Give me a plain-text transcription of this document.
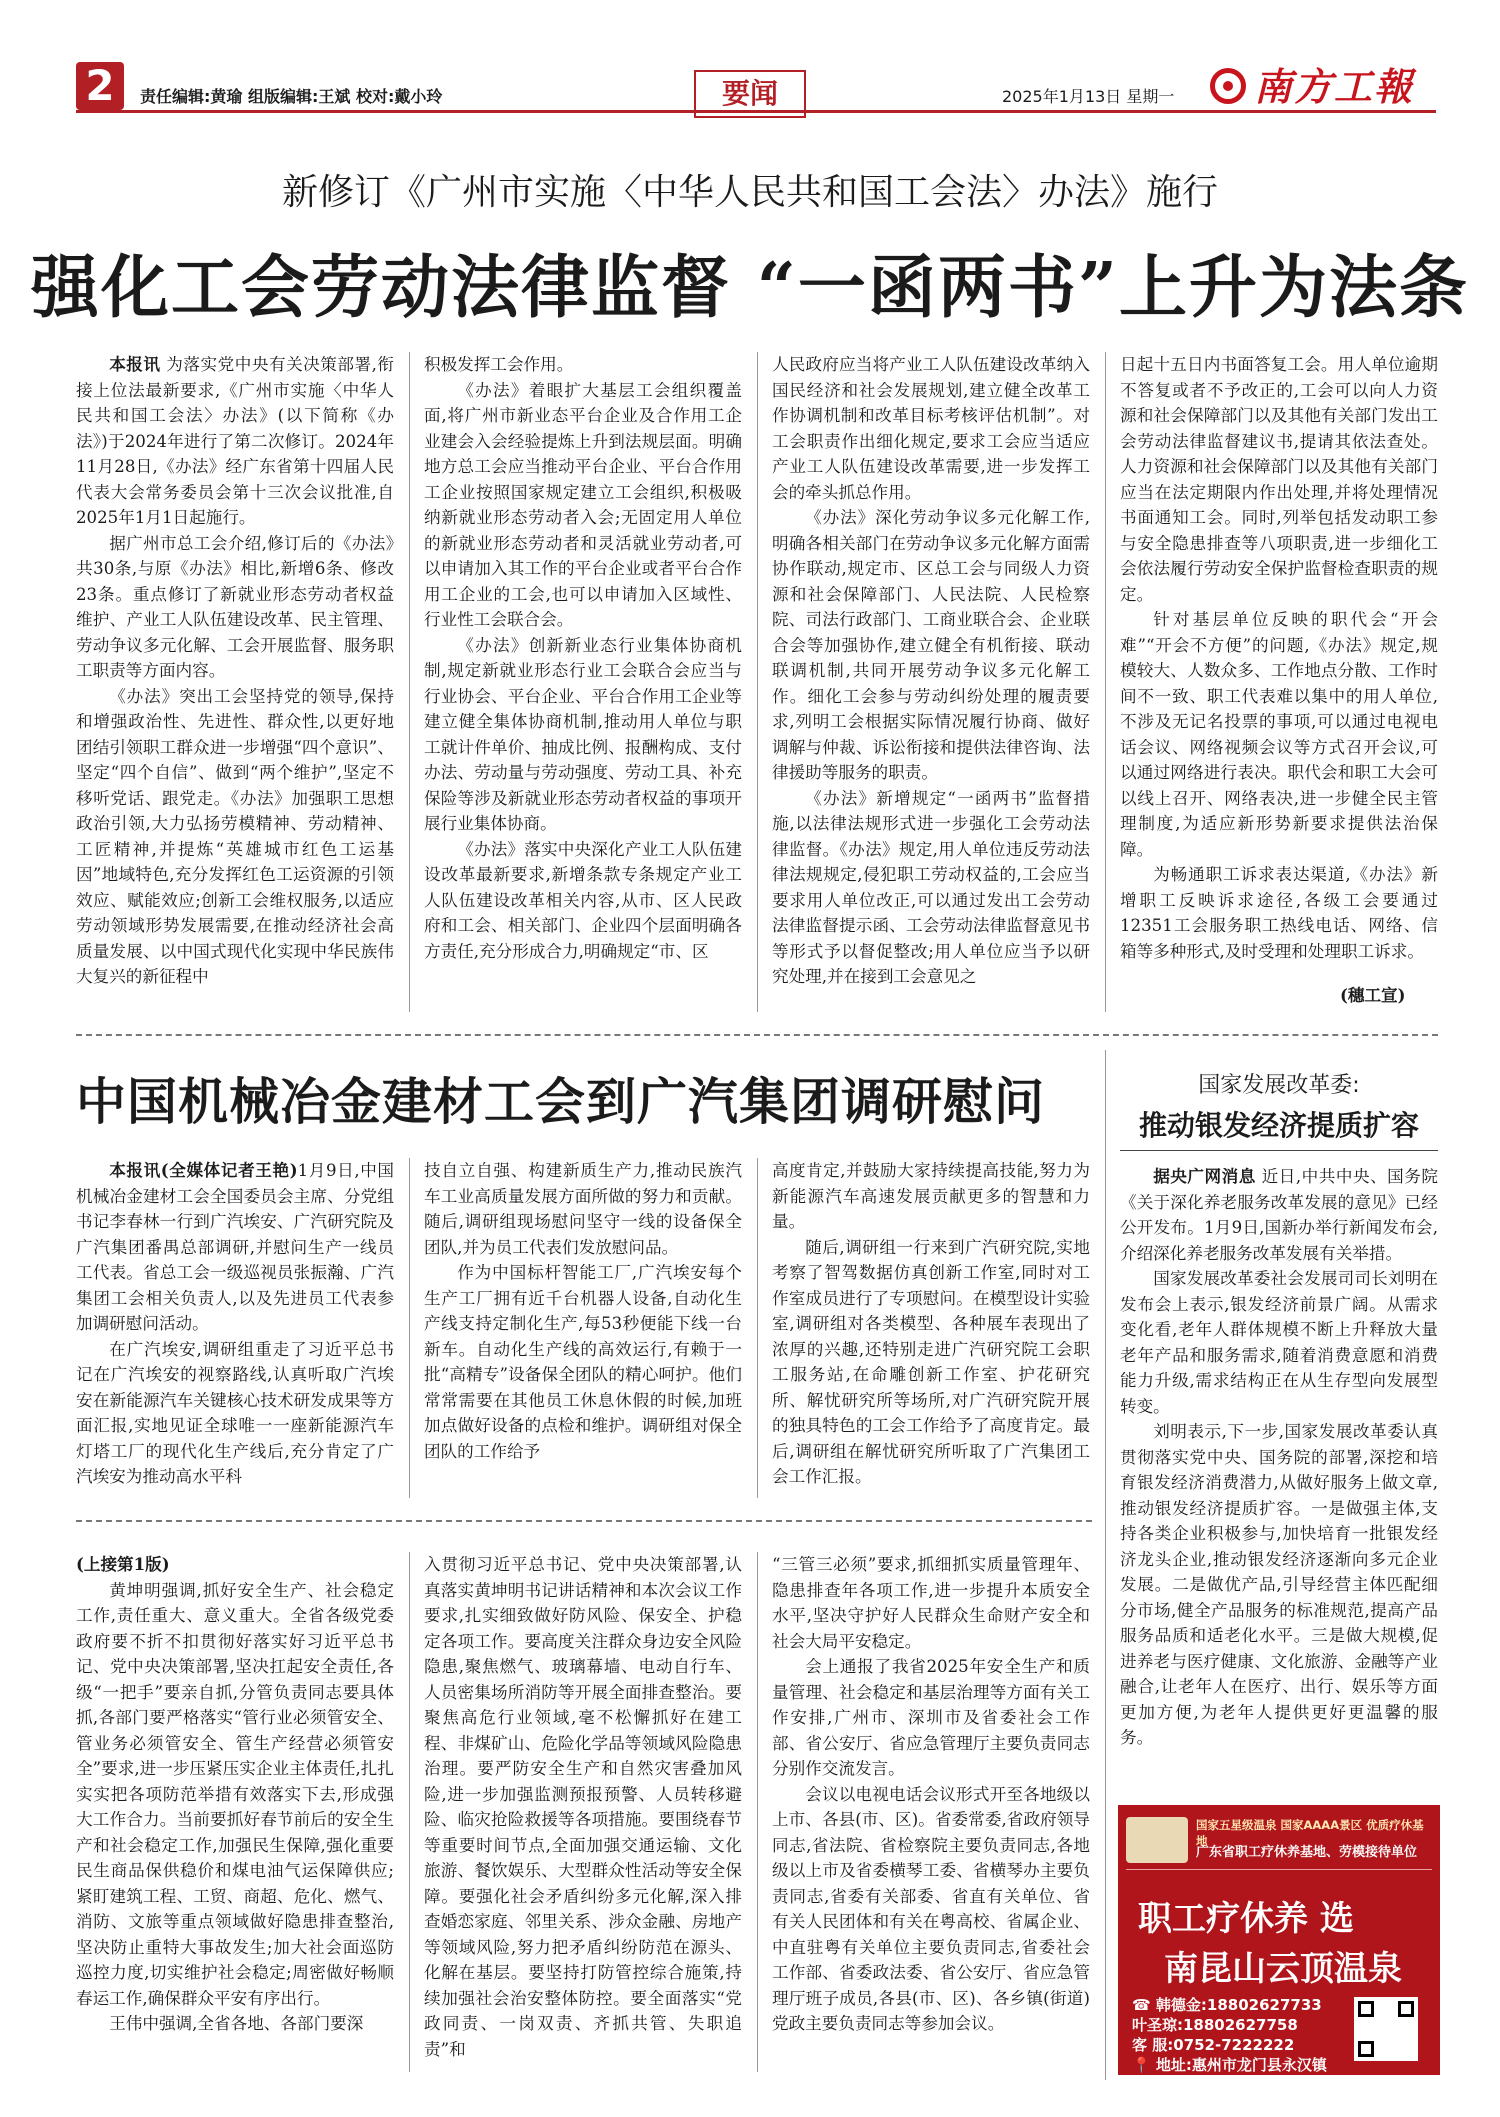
2	责任编辑:黄瑜 组版编辑:王斌 校对:戴小玲	要闻	2025年1月13日 星期一 南方工報
新修订《广州市实施〈中华人民共和国工会法〉办法》施行
强化工会劳动法律监督 “一函两书”上升为法条

本报讯 为落实党中央有关决策部署,衔接上位法最新要求,《广州市实施〈中华人民共和国工会法〉办法》(以下简称《办法》)于2024年进行了第二次修订。2024年11月28日,《办法》经广东省第十四届人民代表大会常务委员会第十三次会议批准,自2025年1月1日起施行。

据广州市总工会介绍,修订后的《办法》共30条,与原《办法》相比,新增6条、修改23条。重点修订了新就业形态劳动者权益维护、产业工人队伍建设改革、民主管理、劳动争议多元化解、工会开展监督、服务职工职责等方面内容。

《办法》突出工会坚持党的领导,保持和增强政治性、先进性、群众性,以更好地团结引领职工群众进一步增强“四个意识”、坚定“四个自信”、做到“两个维护”,坚定不移听党话、跟党走。《办法》加强职工思想政治引领,大力弘扬劳模精神、劳动精神、工匠精神,并提炼“英雄城市红色工运基因”地域特色,充分发挥红色工运资源的引领效应、赋能效应;创新工会维权服务,以适应劳动领域形势发展需要,在推动经济社会高质量发展、以中国式现代化实现中华民族伟大复兴的新征程中

积极发挥工会作用。

《办法》着眼扩大基层工会组织覆盖面,将广州市新业态平台企业及合作用工企业建会入会经验提炼上升到法规层面。明确地方总工会应当推动平台企业、平台合作用工企业按照国家规定建立工会组织,积极吸纳新就业形态劳动者入会;无固定用人单位的新就业形态劳动者和灵活就业劳动者,可以申请加入其工作的平台企业或者平台合作用工企业的工会,也可以申请加入区域性、行业性工会联合会。

《办法》创新新业态行业集体协商机制,规定新就业形态行业工会联合会应当与行业协会、平台企业、平台合作用工企业等建立健全集体协商机制,推动用人单位与职工就计件单价、抽成比例、报酬构成、支付办法、劳动量与劳动强度、劳动工具、补充保险等涉及新就业形态劳动者权益的事项开展行业集体协商。

《办法》落实中央深化产业工人队伍建设改革最新要求,新增条款专条规定产业工人队伍建设改革相关内容,从市、区人民政府和工会、相关部门、企业四个层面明确各方责任,充分形成合力,明确规定“市、区

人民政府应当将产业工人队伍建设改革纳入国民经济和社会发展规划,建立健全改革工作协调机制和改革目标考核评估机制”。对工会职责作出细化规定,要求工会应当适应产业工人队伍建设改革需要,进一步发挥工会的牵头抓总作用。

《办法》深化劳动争议多元化解工作,明确各相关部门在劳动争议多元化解方面需协作联动,规定市、区总工会与同级人力资源和社会保障部门、人民法院、人民检察院、司法行政部门、工商业联合会、企业联合会等加强协作,建立健全有机衔接、联动联调机制,共同开展劳动争议多元化解工作。细化工会参与劳动纠纷处理的履责要求,列明工会根据实际情况履行协商、做好调解与仲裁、诉讼衔接和提供法律咨询、法律援助等服务的职责。

《办法》新增规定“一函两书”监督措施,以法律法规形式进一步强化工会劳动法律监督。《办法》规定,用人单位违反劳动法律法规规定,侵犯职工劳动权益的,工会应当要求用人单位改正,可以通过发出工会劳动法律监督提示函、工会劳动法律监督意见书等形式予以督促整改;用人单位应当予以研究处理,并在接到工会意见之

日起十五日内书面答复工会。用人单位逾期不答复或者不予改正的,工会可以向人力资源和社会保障部门以及其他有关部门发出工会劳动法律监督建议书,提请其依法查处。人力资源和社会保障部门以及其他有关部门应当在法定期限内作出处理,并将处理情况书面通知工会。同时,列举包括发动职工参与安全隐患排查等八项职责,进一步细化工会依法履行劳动安全保护监督检查职责的规定。

针对基层单位反映的职代会“开会难”“开会不方便”的问题,《办法》规定,规模较大、人数众多、工作地点分散、工作时间不一致、职工代表难以集中的用人单位,不涉及无记名投票的事项,可以通过电视电话会议、网络视频会议等方式召开会议,可以通过网络进行表决。职代会和职工大会可以线上召开、网络表决,进一步健全民主管理制度,为适应新形势新要求提供法治保障。

为畅通职工诉求表达渠道,《办法》新增职工反映诉求途径,各级工会要通过12351工会服务职工热线电话、网络、信箱等多种形式,及时受理和处理职工诉求。

(穗工宣)
中国机械冶金建材工会到广汽集团调研慰问

本报讯(全媒体记者王艳)1月9日,中国机械冶金建材工会全国委员会主席、分党组书记李春林一行到广汽埃安、广汽研究院及广汽集团番禺总部调研,并慰问生产一线员工代表。省总工会一级巡视员张振瀚、广汽集团工会相关负责人,以及先进员工代表参加调研慰问活动。

在广汽埃安,调研组重走了习近平总书记在广汽埃安的视察路线,认真听取广汽埃安在新能源汽车关键核心技术研发成果等方面汇报,实地见证全球唯一一座新能源汽车灯塔工厂的现代化生产线后,充分肯定了广汽埃安为推动高水平科

技自立自强、构建新质生产力,推动民族汽车工业高质量发展方面所做的努力和贡献。随后,调研组现场慰问坚守一线的设备保全团队,并为员工代表们发放慰问品。

作为中国标杆智能工厂,广汽埃安每个生产工厂拥有近千台机器人设备,自动化生产线支持定制化生产,每53秒便能下线一台新车。自动化生产线的高效运行,有赖于一批“高精专”设备保全团队的精心呵护。他们常常需要在其他员工休息休假的时候,加班加点做好设备的点检和维护。调研组对保全团队的工作给予

高度肯定,并鼓励大家持续提高技能,努力为新能源汽车高速发展贡献更多的智慧和力量。

随后,调研组一行来到广汽研究院,实地考察了智驾数据仿真创新工作室,同时对工作室成员进行了专项慰问。在模型设计实验室,调研组对各类模型、各种展车表现出了浓厚的兴趣,还特别走进广汽研究院工会职工服务站,在命雕创新工作室、护花研究所、解忧研究所等场所,对广汽研究院开展的独具特色的工会工作给予了高度肯定。最后,调研组在解忧研究所听取了广汽集团工会工作汇报。

国家发展改革委:
推动银发经济提质扩容

据央广网消息 近日,中共中央、国务院《关于深化养老服务改革发展的意见》已经公开发布。1月9日,国新办举行新闻发布会,介绍深化养老服务改革发展有关举措。

国家发展改革委社会发展司司长刘明在发布会上表示,银发经济前景广阔。从需求变化看,老年人群体规模不断上升释放大量老年产品和服务需求,随着消费意愿和消费能力升级,需求结构正在从生存型向发展型转变。

刘明表示,下一步,国家发展改革委认真贯彻落实党中央、国务院的部署,深挖和培育银发经济消费潜力,从做好服务上做文章,推动银发经济提质扩容。一是做强主体,支持各类企业积极参与,加快培育一批银发经济龙头企业,推动银发经济逐渐向多元企业发展。二是做优产品,引导经营主体匹配细分市场,健全产品服务的标准规范,提高产品服务品质和适老化水平。三是做大规模,促进养老与医疗健康、文化旅游、金融等产业融合,让老年人在医疗、出行、娱乐等方面更加方便,为老年人提供更好更温馨的服务。

(上接第1版)

黄坤明强调,抓好安全生产、社会稳定工作,责任重大、意义重大。全省各级党委政府要不折不扣贯彻好落实好习近平总书记、党中央决策部署,坚决扛起安全责任,各级“一把手”要亲自抓,分管负责同志要具体抓,各部门要严格落实“管行业必须管安全、管业务必须管安全、管生产经营必须管安全”要求,进一步压紧压实企业主体责任,扎扎实实把各项防范举措有效落实下去,形成强大工作合力。当前要抓好春节前后的安全生产和社会稳定工作,加强民生保障,强化重要民生商品保供稳价和煤电油气运保障供应;紧盯建筑工程、工贸、商超、危化、燃气、消防、文旅等重点领域做好隐患排查整治,坚决防止重特大事故发生;加大社会面巡防巡控力度,切实维护社会稳定;周密做好畅顺春运工作,确保群众平安有序出行。

王伟中强调,全省各地、各部门要深

入贯彻习近平总书记、党中央决策部署,认真落实黄坤明书记讲话精神和本次会议工作要求,扎实细致做好防风险、保安全、护稳定各项工作。要高度关注群众身边安全风险隐患,聚焦燃气、玻璃幕墙、电动自行车、人员密集场所消防等开展全面排查整治。要聚焦高危行业领域,毫不松懈抓好在建工程、非煤矿山、危险化学品等领域风险隐患治理。要严防安全生产和自然灾害叠加风险,进一步加强监测预报预警、人员转移避险、临灾抢险救援等各项措施。要围绕春节等重要时间节点,全面加强交通运输、文化旅游、餐饮娱乐、大型群众性活动等安全保障。要强化社会矛盾纠纷多元化解,深入排查婚恋家庭、邻里关系、涉众金融、房地产等领域风险,努力把矛盾纠纷防范在源头、化解在基层。要坚持打防管控综合施策,持续加强社会治安整体防控。要全面落实“党政同责、一岗双责、齐抓共管、失职追责”和

“三管三必须”要求,抓细抓实质量管理年、隐患排查年各项工作,进一步提升本质安全水平,坚决守护好人民群众生命财产安全和社会大局平安稳定。

会上通报了我省2025年安全生产和质量管理、社会稳定和基层治理等方面有关工作安排,广州市、深圳市及省委社会工作部、省公安厅、省应急管理厅主要负责同志分别作交流发言。

会议以电视电话会议形式开至各地级以上市、各县(市、区)。省委常委,省政府领导同志,省法院、省检察院主要负责同志,各地级以上市及省委横琴工委、省横琴办主要负责同志,省委有关部委、省直有关单位、省有关人民团体和有关在粤高校、省属企业、中直驻粤有关单位主要负责同志,省委社会工作部、省委政法委、省公安厅、省应急管理厅班子成员,各县(市、区)、各乡镇(街道)党政主要负责同志等参加会议。

国家五星级温泉 国家AAAA景区 优质疗休基地
广东省职工疗休养基地、劳模接待单位
职工疗休养 选
南昆山云顶温泉
☎ 韩德金:18802627733
叶圣琼:18802627758
客 服:0752-7222222
📍 地址:惠州市龙门县永汉镇
